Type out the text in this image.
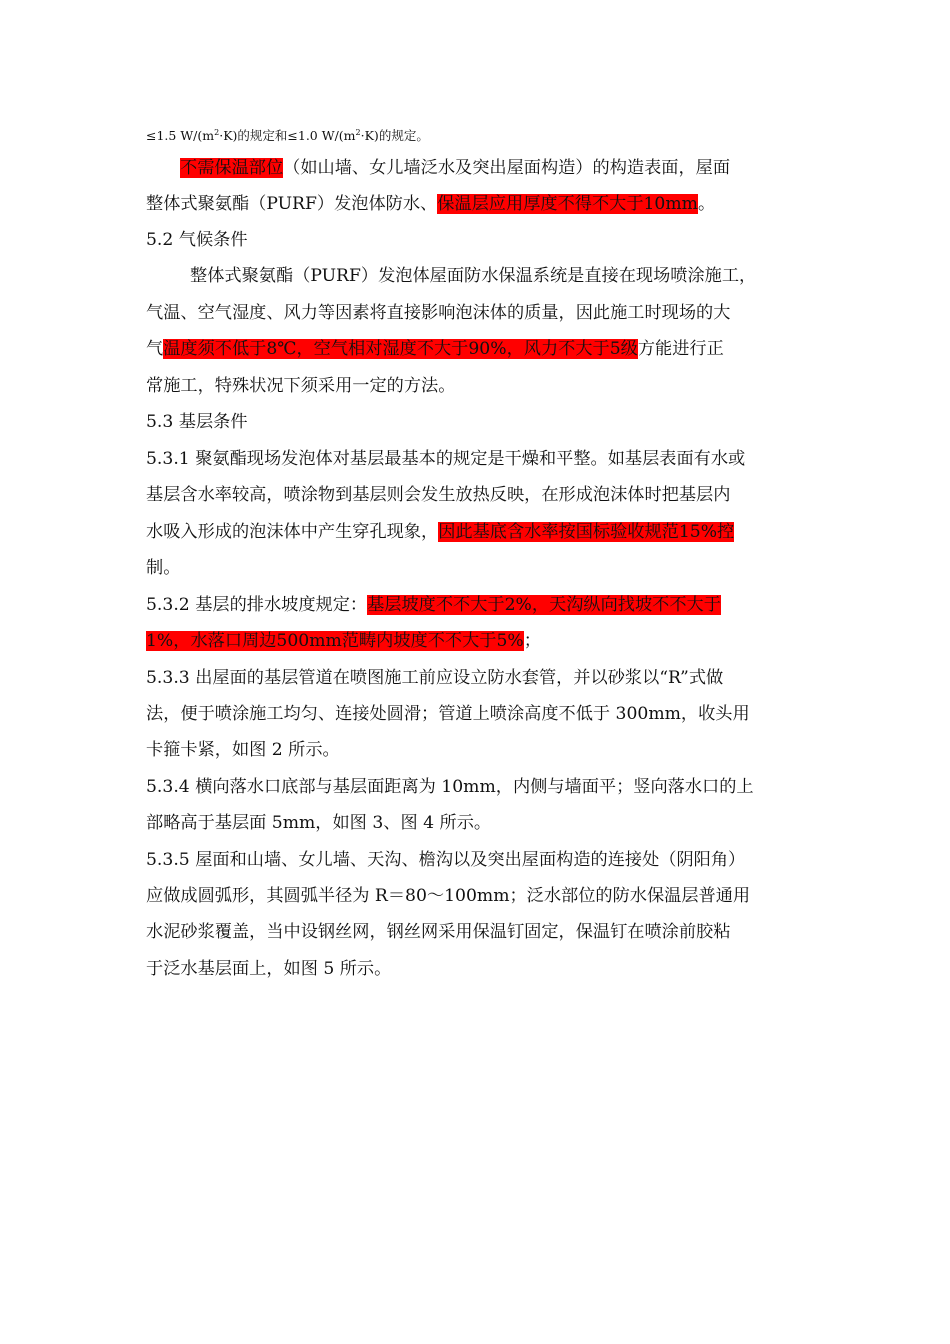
≤1.5 $W/(m^2\cdot K)$的规定和≤1.0 $W/(m^2\cdot K)$的规定。
不需保温部位（如山墙、女儿墙泛水及突出屋面构造）的构造表面，屋面
整体式聚氨酯（PURF）发泡体防水、保温层应用厚度不得不大于10mm。
5.2 气候条件
整体式聚氨酯（PURF）发泡体屋面防水保温系统是直接在现场喷涂施工，
气温、空气湿度、风力等因素将直接影响泡沫体的质量，因此施工时现场的大
气温度须不低于8℃，空气相对湿度不大于90%，风力不大于5级方能进行正
常施工，特殊状况下须采用一定的方法。
5.3 基层条件
5.3.1 聚氨酯现场发泡体对基层最基本的规定是干燥和平整。如基层表面有水或
基层含水率较高，喷涂物到基层则会发生放热反映，在形成泡沫体时把基层内
水吸入形成的泡沫体中产生穿孔现象，因此基底含水率按国标验收规范15%控
制。
5.3.2 基层的排水坡度规定：基层坡度不不大于2%，天沟纵向找坡不不大于
1%，水落口周边500mm范畴内坡度不不大于5%；
5.3.3 出屋面的基层管道在喷图施工前应设立防水套管，并以砂浆以“R”式做
法，便于喷涂施工均匀、连接处圆滑；管道上喷涂高度不低于 300mm，收头用
卡箍卡紧，如图 2 所示。
5.3.4 横向落水口底部与基层面距离为 10mm，内侧与墙面平；竖向落水口的上
部略高于基层面 5mm，如图 3、图 4 所示。
5.3.5 屋面和山墙、女儿墙、天沟、檐沟以及突出屋面构造的连接处（阴阳角）
应做成圆弧形，其圆弧半径为 R＝80～100mm；泛水部位的防水保温层普通用
水泥砂浆覆盖，当中设钢丝网，钢丝网采用保温钉固定，保温钉在喷涂前胶粘
于泛水基层面上，如图 5 所示。
